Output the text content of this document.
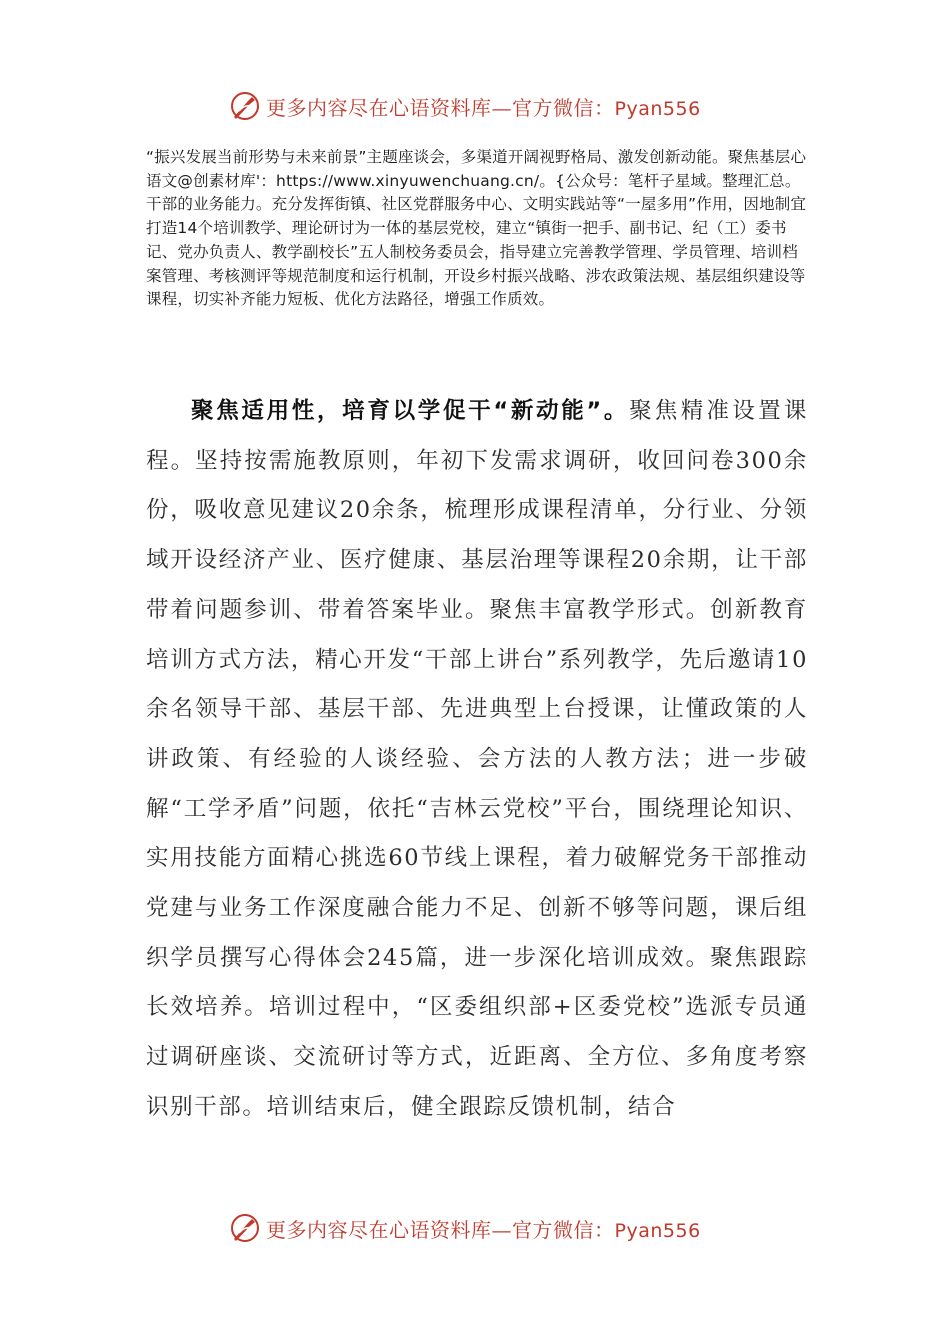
更多内容尽在心语资料库—官方微信：Pyan556

“振兴发展当前形势与未来前景”主题座谈会，多渠道开阔视野格局、激发创新动能。聚焦基层心语文@创素材库'：https://www.xinyuwenchuang.cn/。{公众号：笔杆子星域。整理汇总。干部的业务能力。充分发挥街镇、社区党群服务中心、文明实践站等“一屋多用”作用，因地制宜打造14个培训教学、理论研讨为一体的基层党校，建立“镇街一把手、副书记、纪（工）委书记、党办负责人、教学副校长”五人制校务委员会，指导建立完善教学管理、学员管理、培训档案管理、考核测评等规范制度和运行机制，开设乡村振兴战略、涉农政策法规、基层组织建设等课程，切实补齐能力短板、优化方法路径，增强工作质效。

聚焦适用性，培育以学促干“新动能”。聚焦精准设置课程。坚持按需施教原则，年初下发需求调研，收回问卷300余份，吸收意见建议20余条，梳理形成课程清单，分行业、分领域开设经济产业、医疗健康、基层治理等课程20余期，让干部带着问题参训、带着答案毕业。聚焦丰富教学形式。创新教育培训方式方法，精心开发“干部上讲台”系列教学，先后邀请10余名领导干部、基层干部、先进典型上台授课，让懂政策的人讲政策、有经验的人谈经验、会方法的人教方法；进一步破解“工学矛盾”问题，依托“吉林云党校”平台，围绕理论知识、实用技能方面精心挑选60节线上课程，着力破解党务干部推动党建与业务工作深度融合能力不足、创新不够等问题，课后组织学员撰写心得体会245篇，进一步深化培训成效。聚焦跟踪长效培养。培训过程中，“区委组织部+区委党校”选派专员通过调研座谈、交流研讨等方式，近距离、全方位、多角度考察识别干部。培训结束后，健全跟踪反馈机制，结合

更多内容尽在心语资料库—官方微信：Pyan556
